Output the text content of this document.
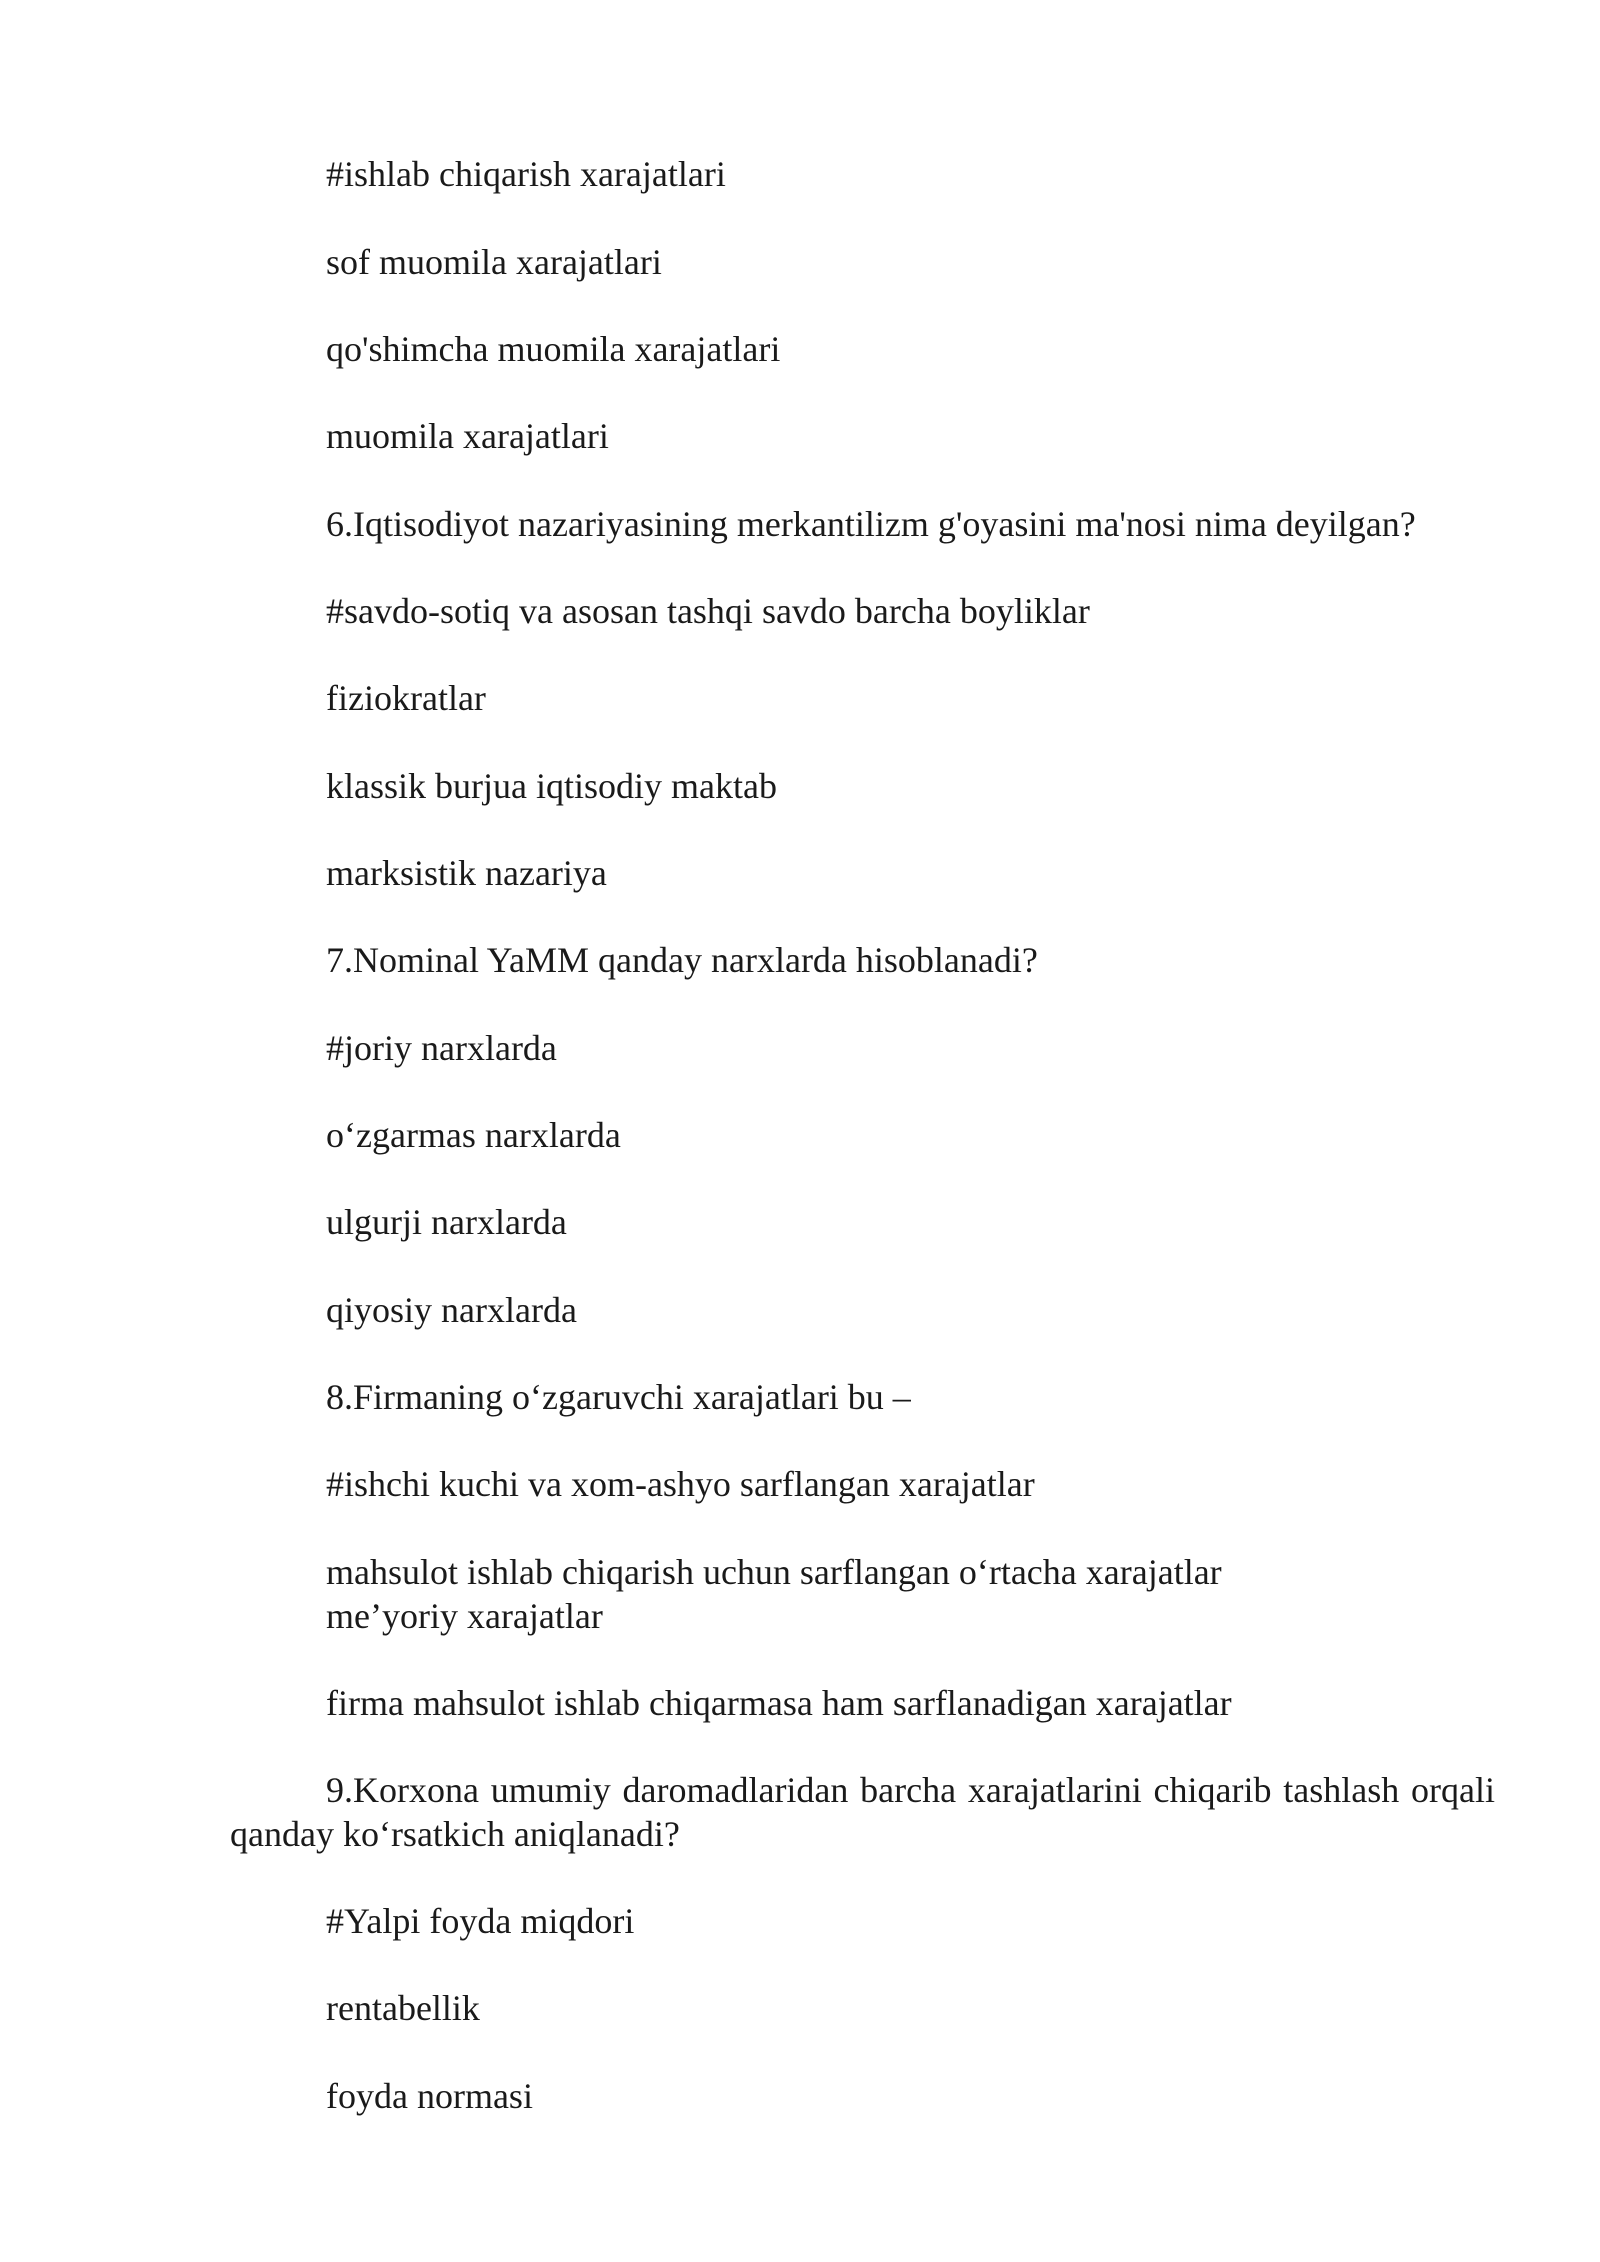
#ishlab chiqarish xarajatlari
sof muomila xarajatlari
qo'shimcha muomila xarajatlari
muomila xarajatlari
6.Iqtisodiyot nazariyasining merkantilizm g'oyasini ma'nosi nima deyilgan?
#savdo-sotiq va asosan tashqi savdo barcha boyliklar
fiziokratlar
klassik burjua iqtisodiy maktab
marksistik nazariya
7.Nominal YaMM qanday narxlarda hisoblanadi?
#joriy narxlarda
o‘zgarmas narxlarda
ulgurji narxlarda
qiyosiy narxlarda
8.Firmaning o‘zgaruvchi xarajatlari bu –
#ishchi kuchi va xom-ashyo sarflangan xarajatlar
mahsulot ishlab chiqarish uchun sarflangan o‘rtacha xarajatlar
me’yoriy xarajatlar
firma mahsulot ishlab chiqarmasa ham sarflanadigan xarajatlar
9.Korxona umumiy daromadlaridan barcha xarajatlarini chiqarib tashlash orqali qanday ko‘rsatkich aniqlanadi?
#Yalpi foyda miqdori
rentabellik
foyda normasi
